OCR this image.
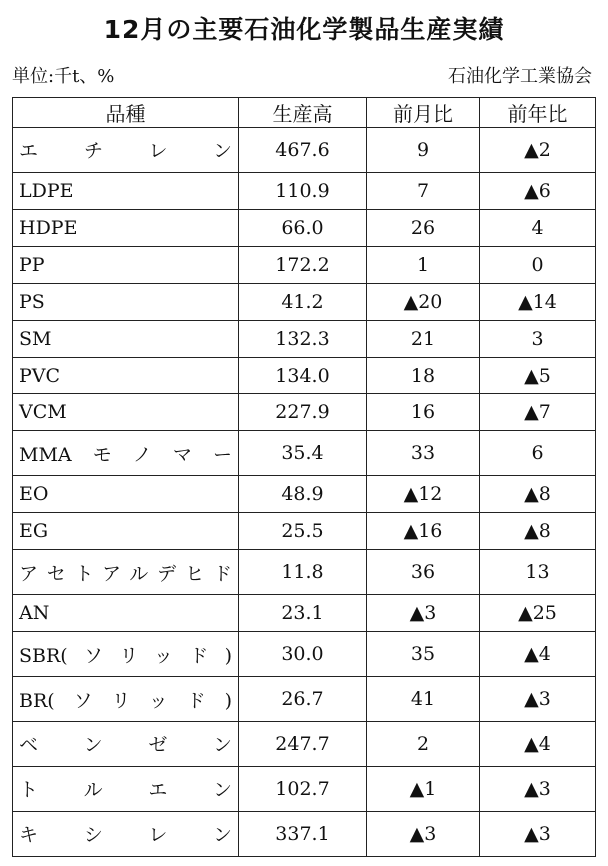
12月の主要石油化学製品生産実績
単位:千t、%	石油化学工業協会
品種	生産高	前月比	前年比
エチレン	467.6	9	▲2
LDPE	110.9	7	▲6
HDPE	66.0	26	4
PP	172.2	1	0
PS	41.2	▲20	▲14
SM	132.3	21	3
PVC	134.0	18	▲5
VCM	227.9	16	▲7
MMAモノマー	35.4	33	6
EO	48.9	▲12	▲8
EG	25.5	▲16	▲8
アセトアルデヒド	11.8	36	13
AN	23.1	▲3	▲25
SBR(ソリッド)	30.0	35	▲4
BR(ソリッド)	26.7	41	▲3
ベンゼン	247.7	2	▲4
トルエン	102.7	▲1	▲3
キシレン	337.1	▲3	▲3
